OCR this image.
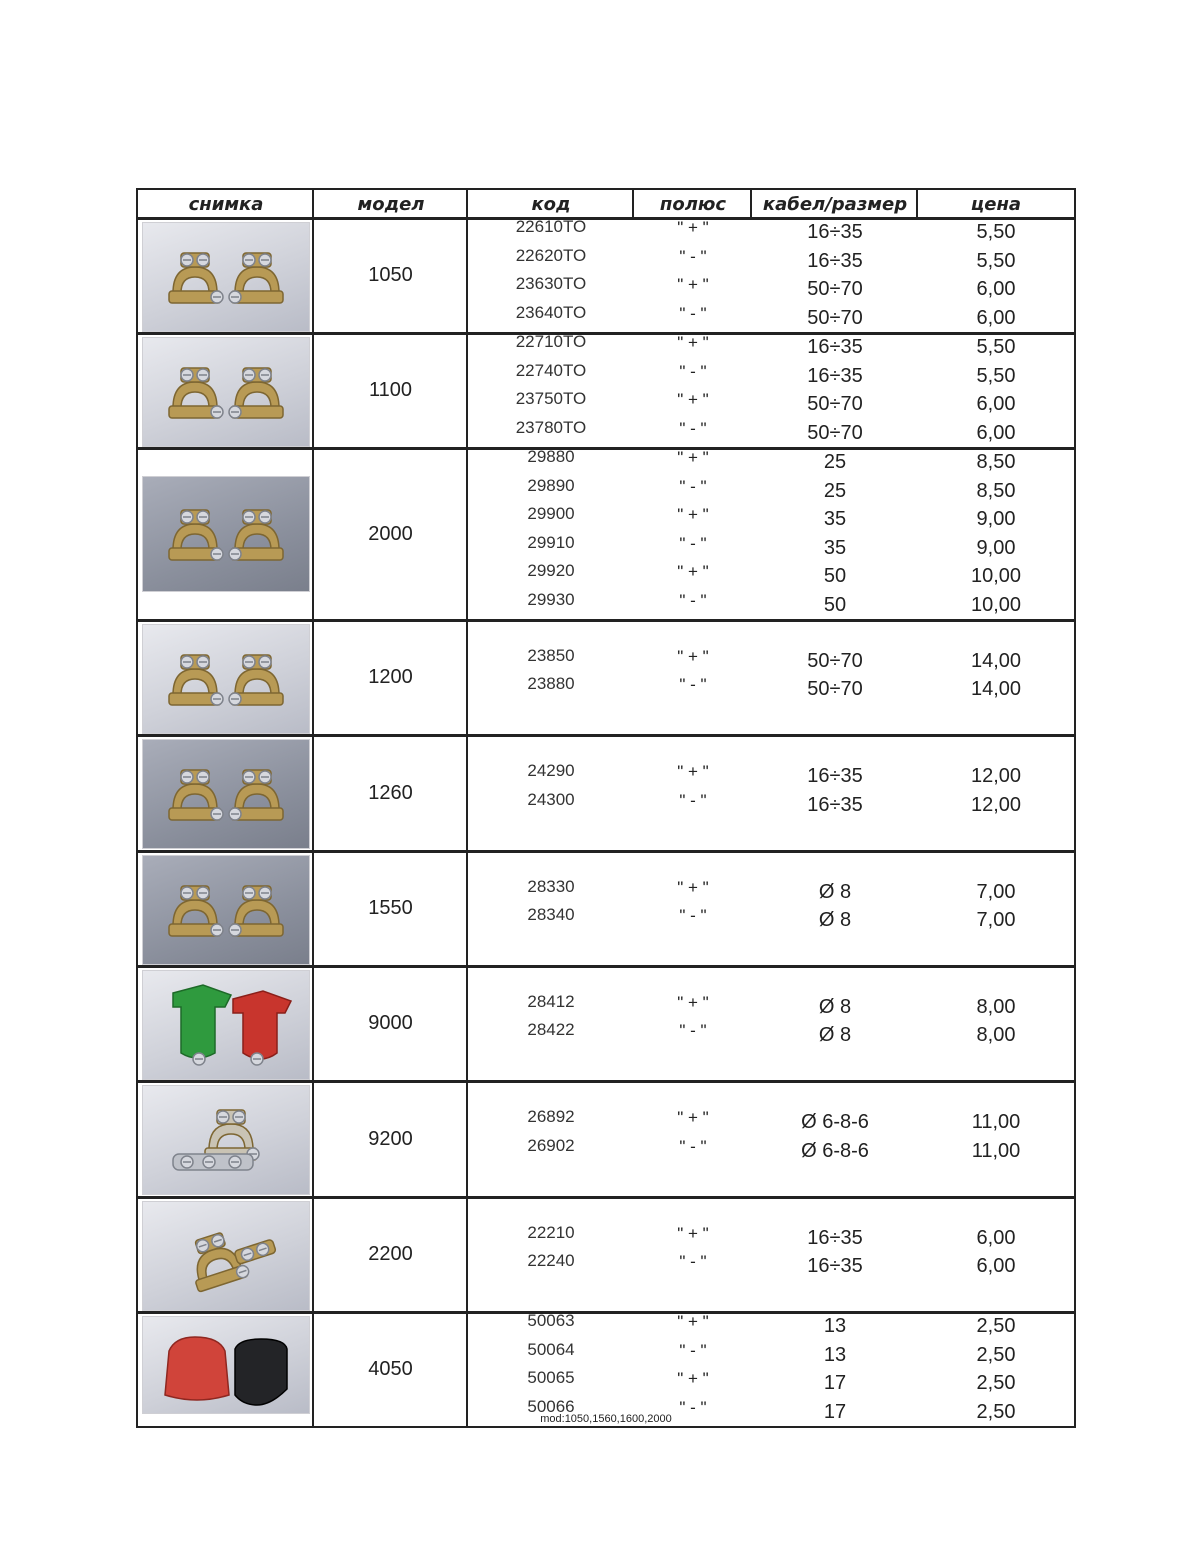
снимка	модел	код	полюс	кабел/размер	цена
1050
22610TO	" + "	16÷35	5,50
22620TO	" - "	16÷35	5,50
23630TO	" + "	50÷70	6,00
23640TO	" - "	50÷70	6,00
1100
22710TO	" + "	16÷35	5,50
22740TO	" - "	16÷35	5,50
23750TO	" + "	50÷70	6,00
23780TO	" - "	50÷70	6,00
2000
29880	" + "	25	8,50
29890	" - "	25	8,50
29900	" + "	35	9,00
29910	" - "	35	9,00
29920	" + "	50	10,00
29930	" - "	50	10,00
1200
23850	" + "	50÷70	14,00
23880	" - "	50÷70	14,00
1260
24290	" + "	16÷35	12,00
24300	" - "	16÷35	12,00
1550
28330	" + "	Ø 8	7,00
28340	" - "	Ø 8	7,00
9000
28412	" + "	Ø 8	8,00
28422	" - "	Ø 8	8,00
9200
26892	" + "	Ø 6-8-6	11,00
26902	" - "	Ø 6-8-6	11,00
2200
22210	" + "	16÷35	6,00
22240	" - "	16÷35	6,00
mod:1050,1560,1600,2000
4050
50063	" + "	13	2,50
50064	" - "	13	2,50
50065	" + "	17	2,50
50066	" - "	17	2,50
